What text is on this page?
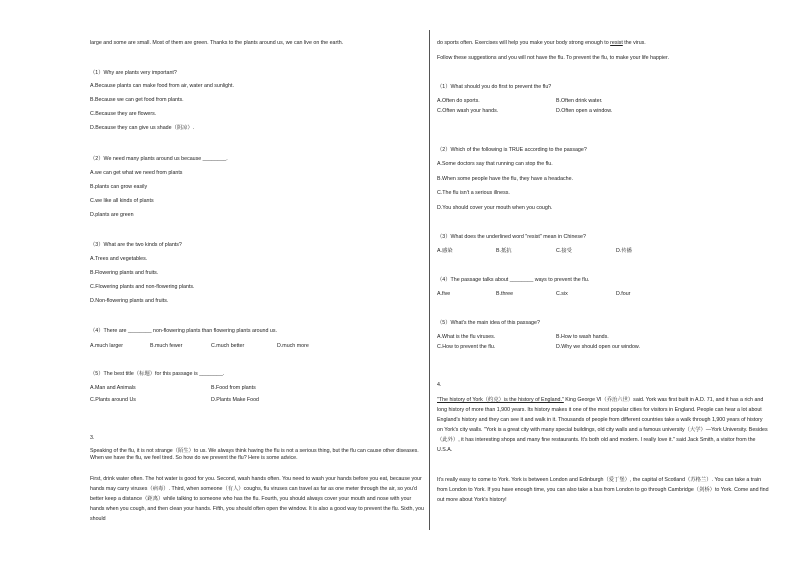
large and some are small. Most of them are green. Thanks to the plants around us, we can live on the earth.
（1）Why are plants very important?
A.Because plants can make food from air, water and sunlight.
B.Because we can get food from plants.
C.Because they are flowers.
D.Because they can give us shade（阴凉）.
（2）We need many plants around us because ________.
A.we can get what we need from plants
B.plants can grow easily
C.we like all kinds of plants
D.plants are green
（3）What are the two kinds of plants?
A.Trees and vegetables.
B.Flowering plants and fruits.
C.Flowering plants and non-flowering plants.
D.Non-flowering plants and fruits.
（4）There are ________ non-flowering plants than flowering plants around us.
A.much larger	B.much fewer	C.much better	D.much more
（5）The best title（标题）for this passage is ________.
A.Man and Animals	B.Food from plants
C.Plants around Us	D.Plants Make Food
3.
Speaking of the flu, it is not strange（陌生）to us. We always think having the flu is not a serious thing, but the flu can cause other diseases. When we have the flu, we feel tired. So how do we prevent the flu? Here is some advice.
First, drink water often. The hot water is good for you. Second, wash hands often. You need to wash your hands before you eat, because your hands may carry viruses（病毒）. Third, when someone（有人）coughs, flu viruses can travel as far as one meter through the air, so you'd better keep a distance（距离）while talking to someone who has the flu. Fourth, you should always cover your mouth and nose with your hands when you cough, and then clean your hands. Fifth, you should often open the window. It is also a good way to prevent the flu. Sixth, you should
do sports often. Exercises will help you make your body strong enough to resist the virus.
Follow these suggestions and you will not have the flu. To prevent the flu, to make your life happier.
（1）What should you do first to prevent the flu?
A.Often do sports.	B.Often drink water.
C.Often wash your hands.	D.Often open a window.
（2）Which of the following is TRUE according to the passage?
A.Some doctors say that running can stop the flu.
B.When some people have the flu, they have a headache.
C.The flu isn't a serious illness.
D.You should cover your mouth when you cough.
（3）What does the underlined word "resist" mean in Chinese?
A.感染	B.抵抗	C.接受	D.传播
（4）The passage talks about ________ ways to prevent the flu.
A.five	B.three	C.six	D.four
（5）What's the main idea of this passage?
A.What is the flu viruses.	B.How to wash hands.
C.How to prevent the flu.	D.Why we should open our window.
4.
"The history of York（约克）is the history of England." King George Ⅵ（乔治六世）said. York was first built in A.D. 71, and it has a rich and long history of more than 1,900 years. Its history makes it one of the most popular cities for visitors in England. People can hear a lot about England's history and they can see it and walk in it. Thousands of people from different countries take a walk through 1,900 years of history on York's city walls. "York is a great city with many special buildings, old city walls and a famous university（大学）—York University. Besides（此外）, it has interesting shops and many fine restaurants. It's both old and modern. I really love it." said Jack Smith, a visitor from the U.S.A.
It's really easy to come to York. York is between London and Edinburgh（爱丁堡）, the capital of Scotland（苏格兰）. You can take a train from London to York. If you have enough time, you can also take a bus from London to go through Cambridge（剑桥）to York. Come and find out more about York's history!
